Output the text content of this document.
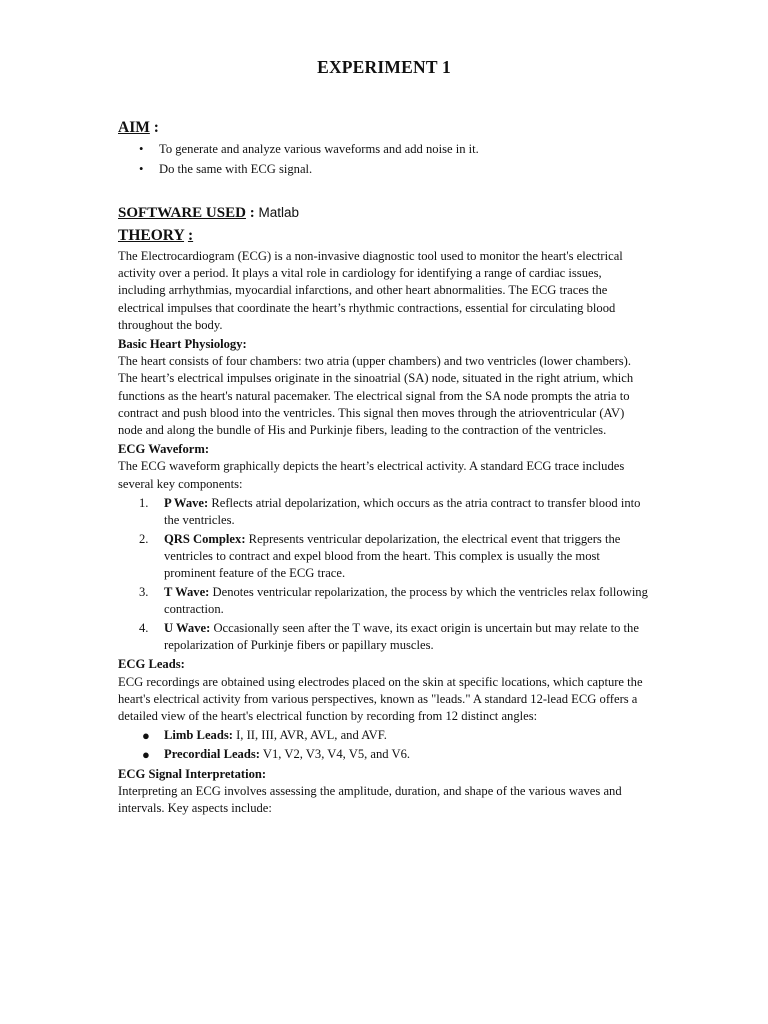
EXPERIMENT 1
AIM :
• To generate and analyze various waveforms and add noise in it.
• Do the same with ECG signal.
SOFTWARE USED : Matlab
THEORY :

The Electrocardiogram (ECG) is a non-invasive diagnostic tool used to monitor the heart's electrical activity over a period. It plays a vital role in cardiology for identifying a range of cardiac issues, including arrhythmias, myocardial infarctions, and other heart abnormalities. The ECG traces the electrical impulses that coordinate the heart’s rhythmic contractions, essential for circulating blood throughout the body.

Basic Heart Physiology:

The heart consists of four chambers: two atria (upper chambers) and two ventricles (lower chambers). The heart’s electrical impulses originate in the sinoatrial (SA) node, situated in the right atrium, which functions as the heart's natural pacemaker. The electrical signal from the SA node prompts the atria to contract and push blood into the ventricles. This signal then moves through the atrioventricular (AV) node and along the bundle of His and Purkinje fibers, leading to the contraction of the ventricles.

ECG Waveform:

The ECG waveform graphically depicts the heart’s electrical activity. A standard ECG trace includes several key components:

1. P Wave: Reflects atrial depolarization, which occurs as the atria contract to transfer blood into the ventricles.
2. QRS Complex: Represents ventricular depolarization, the electrical event that triggers the ventricles to contract and expel blood from the heart. This complex is usually the most prominent feature of the ECG trace.
3. T Wave: Denotes ventricular repolarization, the process by which the ventricles relax following contraction.
4. U Wave: Occasionally seen after the T wave, its exact origin is uncertain but may relate to the repolarization of Purkinje fibers or papillary muscles.
ECG Leads:

ECG recordings are obtained using electrodes placed on the skin at specific locations, which capture the heart's electrical activity from various perspectives, known as "leads." A standard 12-lead ECG offers a detailed view of the heart's electrical function by recording from 12 distinct angles:

● Limb Leads: I, II, III, AVR, AVL, and AVF.
● Precordial Leads: V1, V2, V3, V4, V5, and V6.
ECG Signal Interpretation:

Interpreting an ECG involves assessing the amplitude, duration, and shape of the various waves and intervals. Key aspects include:
